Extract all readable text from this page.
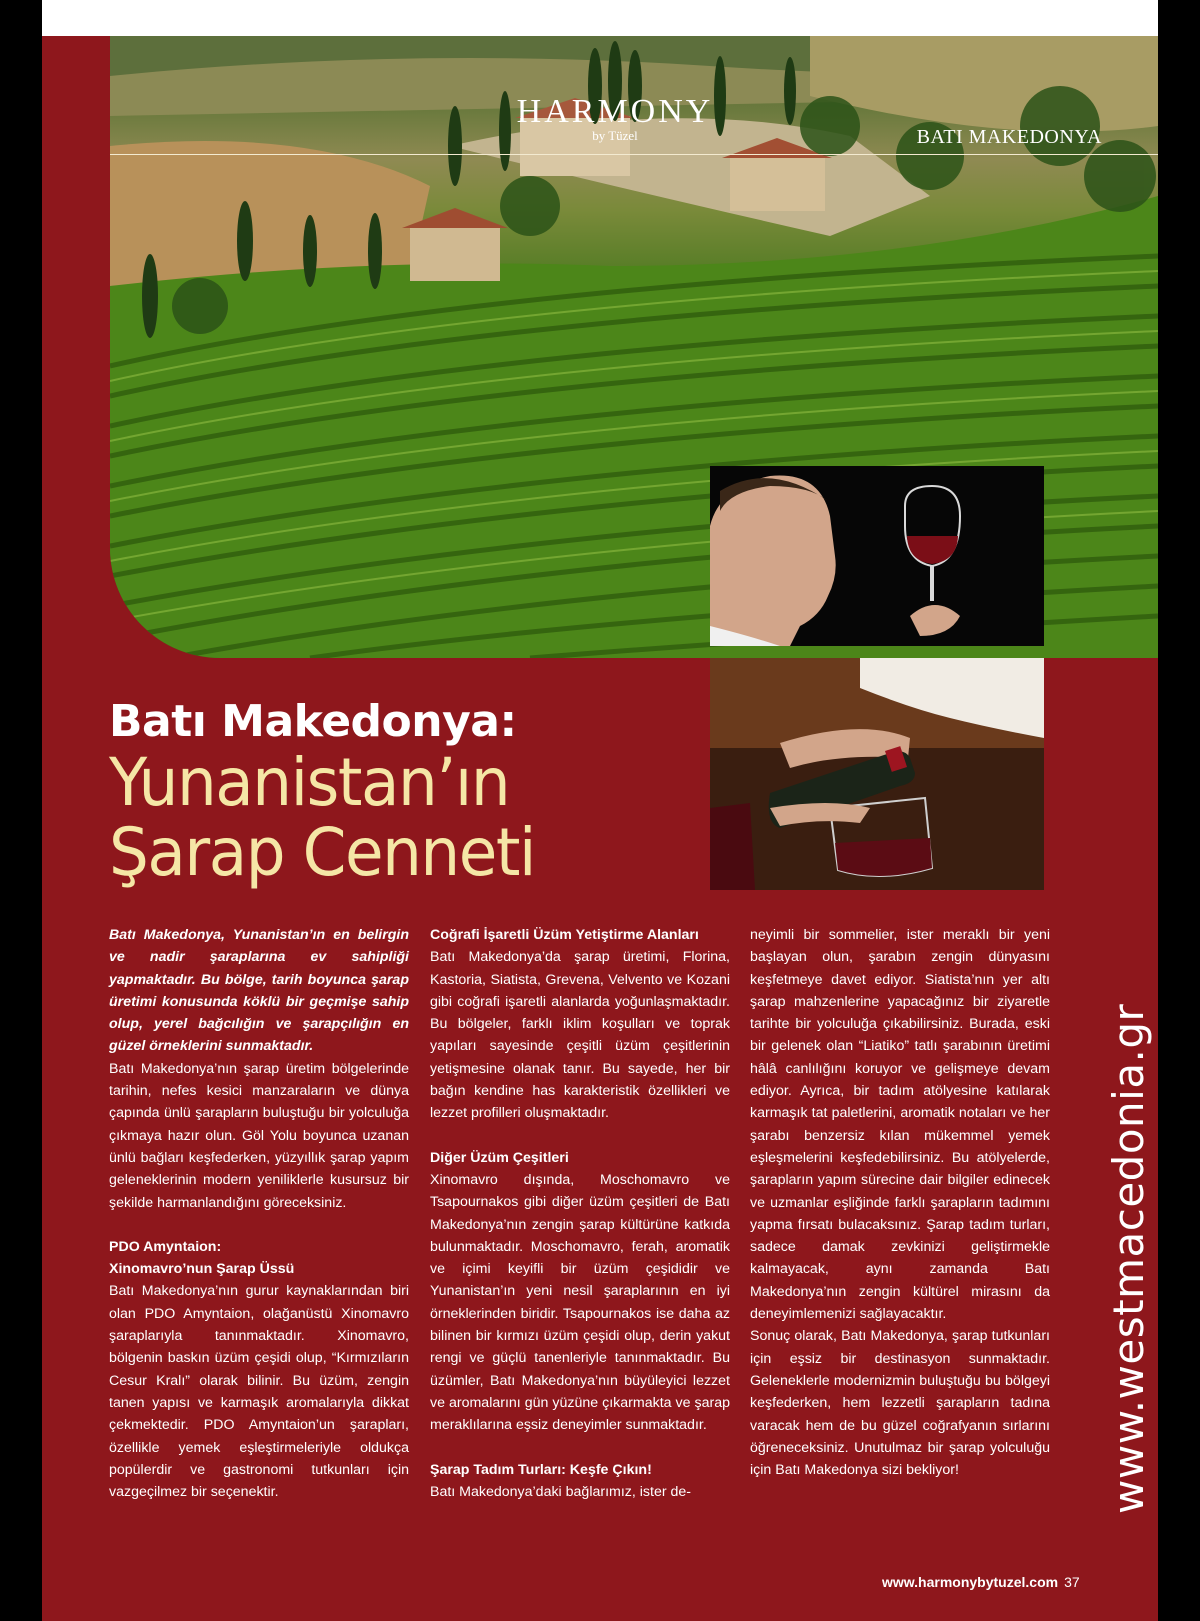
HARMONY
by Tüzel	BATI MAKEDONYA
Batı Makedonya:
Yunanistan’ın
Şarap Cenneti

Batı Makedonya, Yunanistan’ın en belirgin ve nadir şaraplarına ev sahipliği yapmaktadır. Bu bölge, tarih boyunca şarap üretimi konusunda köklü bir geçmişe sahip olup, yerel bağcılığın ve şarapçılığın en güzel örneklerini sunmaktadır.

Batı Makedonya’nın şarap üretim bölgelerinde tarihin, nefes kesici manzaraların ve dünya çapında ünlü şarapların buluştuğu bir yolculuğa çıkmaya hazır olun. Göl Yolu boyunca uzanan ünlü bağları keşfederken, yüzyıllık şarap yapım geleneklerinin modern yeniliklerle kusursuz bir şekilde harmanlandığını göreceksiniz.

PDO Amyntaion:

Xinomavro’nun Şarap Üssü

Batı Makedonya’nın gurur kaynaklarından biri olan PDO Amyntaion, olağanüstü Xinomavro şaraplarıyla tanınmaktadır. Xinomavro, bölgenin baskın üzüm çeşidi olup, “Kırmızıların Cesur Kralı” olarak bilinir. Bu üzüm, zengin tanen yapısı ve karmaşık aromalarıyla dikkat çekmektedir. PDO Amyntaion’un şarapları, özellikle yemek eşleştirmeleriyle oldukça popülerdir ve gastronomi tutkunları için vazgeçilmez bir seçenektir.

Coğrafi İşaretli Üzüm Yetiştirme Alanları

Batı Makedonya’da şarap üretimi, Florina, Kastoria, Siatista, Grevena, Velvento ve Kozani gibi coğrafi işaretli alanlarda yoğunlaşmaktadır. Bu bölgeler, farklı iklim koşulları ve toprak yapıları sayesinde çeşitli üzüm çeşitlerinin yetişmesine olanak tanır. Bu sayede, her bir bağın kendine has karakteristik özellikleri ve lezzet profilleri oluşmaktadır.

Diğer Üzüm Çeşitleri

Xinomavro dışında, Moschomavro ve Tsapournakos gibi diğer üzüm çeşitleri de Batı Makedonya’nın zengin şarap kültürüne katkıda bulunmaktadır. Moschomavro, ferah, aromatik ve içimi keyifli bir üzüm çeşididir ve Yunanistan’ın yeni nesil şaraplarının en iyi örneklerinden biridir. Tsapournakos ise daha az bilinen bir kırmızı üzüm çeşidi olup, derin yakut rengi ve güçlü tanenleriyle tanınmaktadır. Bu üzümler, Batı Makedonya’nın büyüleyici lezzet ve aromalarını gün yüzüne çıkarmakta ve şarap meraklılarına eşsiz deneyimler sunmaktadır.

Şarap Tadım Turları: Keşfe Çıkın!

Batı Makedonya’daki bağlarımız, ister de-

neyimli bir sommelier, ister meraklı bir yeni başlayan olun, şarabın zengin dünyasını keşfetmeye davet ediyor. Siatista’nın yer altı şarap mahzenlerine yapacağınız bir ziyaretle tarihte bir yolculuğa çıkabilirsiniz. Burada, eski bir gelenek olan “Liatiko” tatlı şarabının üretimi hâlâ canlılığını koruyor ve gelişmeye devam ediyor. Ayrıca, bir tadım atölyesine katılarak karmaşık tat paletlerini, aromatik notaları ve her şarabı benzersiz kılan mükemmel yemek eşleşmelerini keşfedebilirsiniz. Bu atölyelerde, şarapların yapım sürecine dair bilgiler edinecek ve uzmanlar eşliğinde farklı şarapların tadımını yapma fırsatı bulacaksınız. Şarap tadım turları, sadece damak zevkinizi geliştirmekle kalmayacak, aynı zamanda Batı Makedonya’nın zengin kültürel mirasını da deneyimlemenizi sağlayacaktır.

Sonuç olarak, Batı Makedonya, şarap tutkunları için eşsiz bir destinasyon sunmaktadır. Geleneklerle modernizmin buluştuğu bu bölgeyi keşfederken, hem lezzetli şarapların tadına varacak hem de bu güzel coğrafyanın sırlarını öğreneceksiniz. Unutulmaz bir şarap yolculuğu için Batı Makedonya sizi bekliyor!	www.westmacedonia.gr
www.harmonybytuzel.com 37
